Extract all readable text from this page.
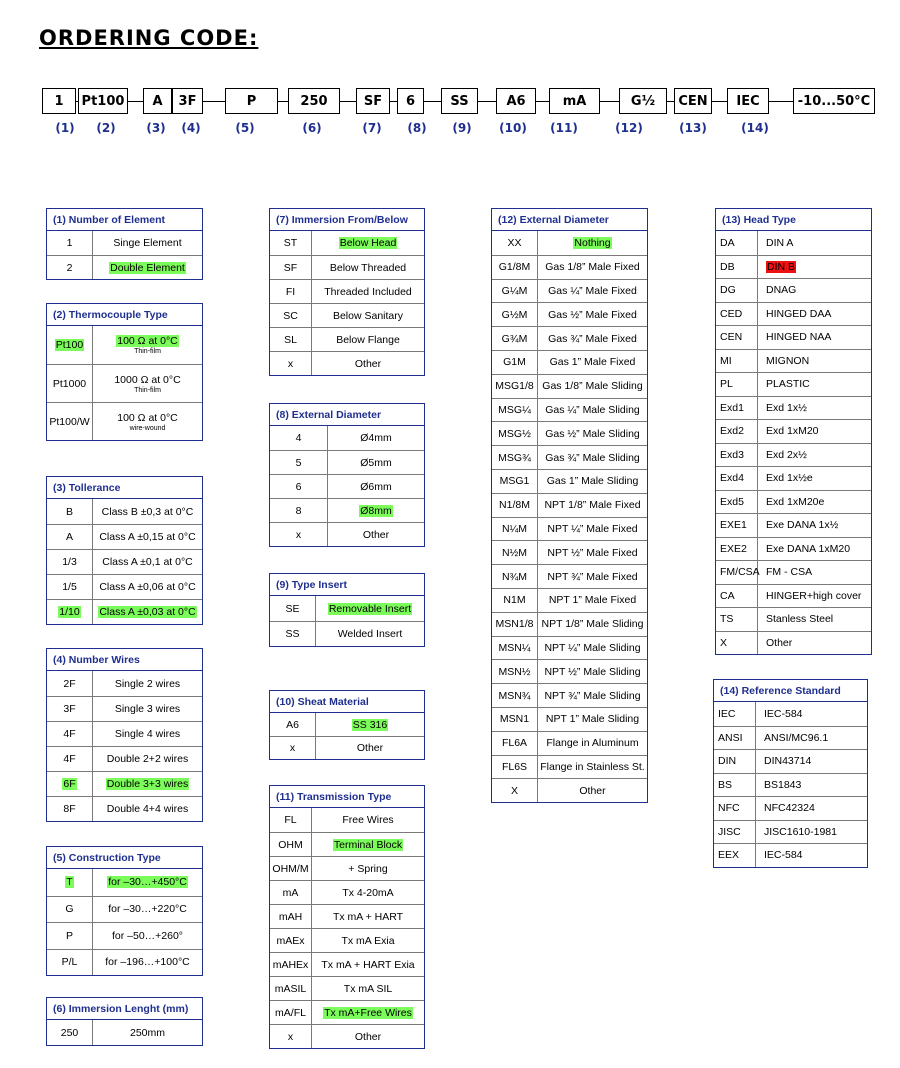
ORDERING CODE:
1	Pt100	A	3F	P	250	SF	6	SS	A6	mA	G½	CEN	IEC	-10...50°C
(1)	(2)	(3)	(4)	(5)	(6)	(7)	(8)	(9)	(10) (11)	(12)	(13)	(14)
(1) Number of Element
1	Singe Element
2	Double Element
(2) Thermocouple Type
Pt100	100 Ω at 0°C
Thin-film
Pt1000	1000 Ω at 0°C
Thin-film
Pt100/W	100 Ω at 0°C
wire-wound
(3) Tollerance
B	Class B ±0,3 at 0°C
A	Class A ±0,15 at 0°C
1/3 Class A ±0,1 at 0°C
1/5 Class A ±0,06 at 0°C
1/10 Class A ±0,03 at 0°C
(4) Number Wires
2F	Single 2 wires
3F	Single 3 wires
4F	Single 4 wires
4F	Double 2+2 wires
6F	Double 3+3 wires
8F	Double 4+4 wires
(5) Construction Type
T	for –30…+450°C
G	for –30…+220°C
P	for –50…+260°
P/L	for –196…+100°C
(6) Immersion Lenght (mm)
250	250mm
(7) Immersion From/Below
ST	Below Head
SF	Below Threaded
FI	Threaded Included
SC	Below Sanitary
SL	Below Flange
x	Other
(8) External Diameter
4	Ø4mm
5	Ø5mm
6	Ø6mm
8	Ø8mm
x	Other
(9) Type Insert
SE	Removable Insert
SS	Welded Insert
(10) Sheat Material
A6	SS 316
x	Other
(11) Transmission Type
FL	Free Wires
OHM	Terminal Block
OHM/M	+ Spring
mA	Tx 4-20mA
mAH	Tx mA + HART
mAEx	Tx mA Exia
mAHEx Tx mA + HART Exia
mASIL	Tx mA SIL
mA/FL Tx mA+Free Wires
x	Other
(12) External Diameter
XX	Nothing
G1/8M Gas 1/8” Male Fixed
G¼M Gas ¼” Male Fixed
G½M Gas ½” Male Fixed
G¾M Gas ¾” Male Fixed
G1M Gas 1” Male Fixed
MSG1/8 Gas 1/8” Male Sliding
MSG¼ Gas ¼” Male Sliding
MSG½ Gas ½” Male Sliding
MSG¾ Gas ¾” Male Sliding
MSG1 Gas 1” Male Sliding
N1/8M NPT 1/8” Male Fixed
N¼M NPT ¼” Male Fixed
N½M NPT ½” Male Fixed
N¾M NPT ¾” Male Fixed
N1M NPT 1” Male Fixed
MSN1/8 NPT 1/8” Male Sliding
MSN¼ NPT ¼” Male Sliding
MSN½ NPT ½” Male Sliding
MSN¾ NPT ¾” Male Sliding
MSN1 NPT 1” Male Sliding
FL6A Flange in Aluminum
FL6S Flange in Stainless St.
X	Other
(13) Head Type
DA	DIN A
DB	DIN B
DG	DNAG
CED HINGED DAA
CEN HINGED NAA
MI	MIGNON
PL	PLASTIC
Exd1 Exd 1x½
Exd2 Exd 1xM20
Exd3 Exd 2x½
Exd4 Exd 1x½e
Exd5 Exd 1xM20e
EXE1 Exe DANA 1x½
EXE2 Exe DANA 1xM20
FM/CSA FM - CSA
CA	HINGER+high cover
TS	Stanless Steel
X	Other
(14) Reference Standard
IEC	IEC-584
ANSI ANSI/MC96.1
DIN	DIN43714
BS	BS1843
NFC NFC42324
JISC JISC1610-1981
EEX IEC-584
